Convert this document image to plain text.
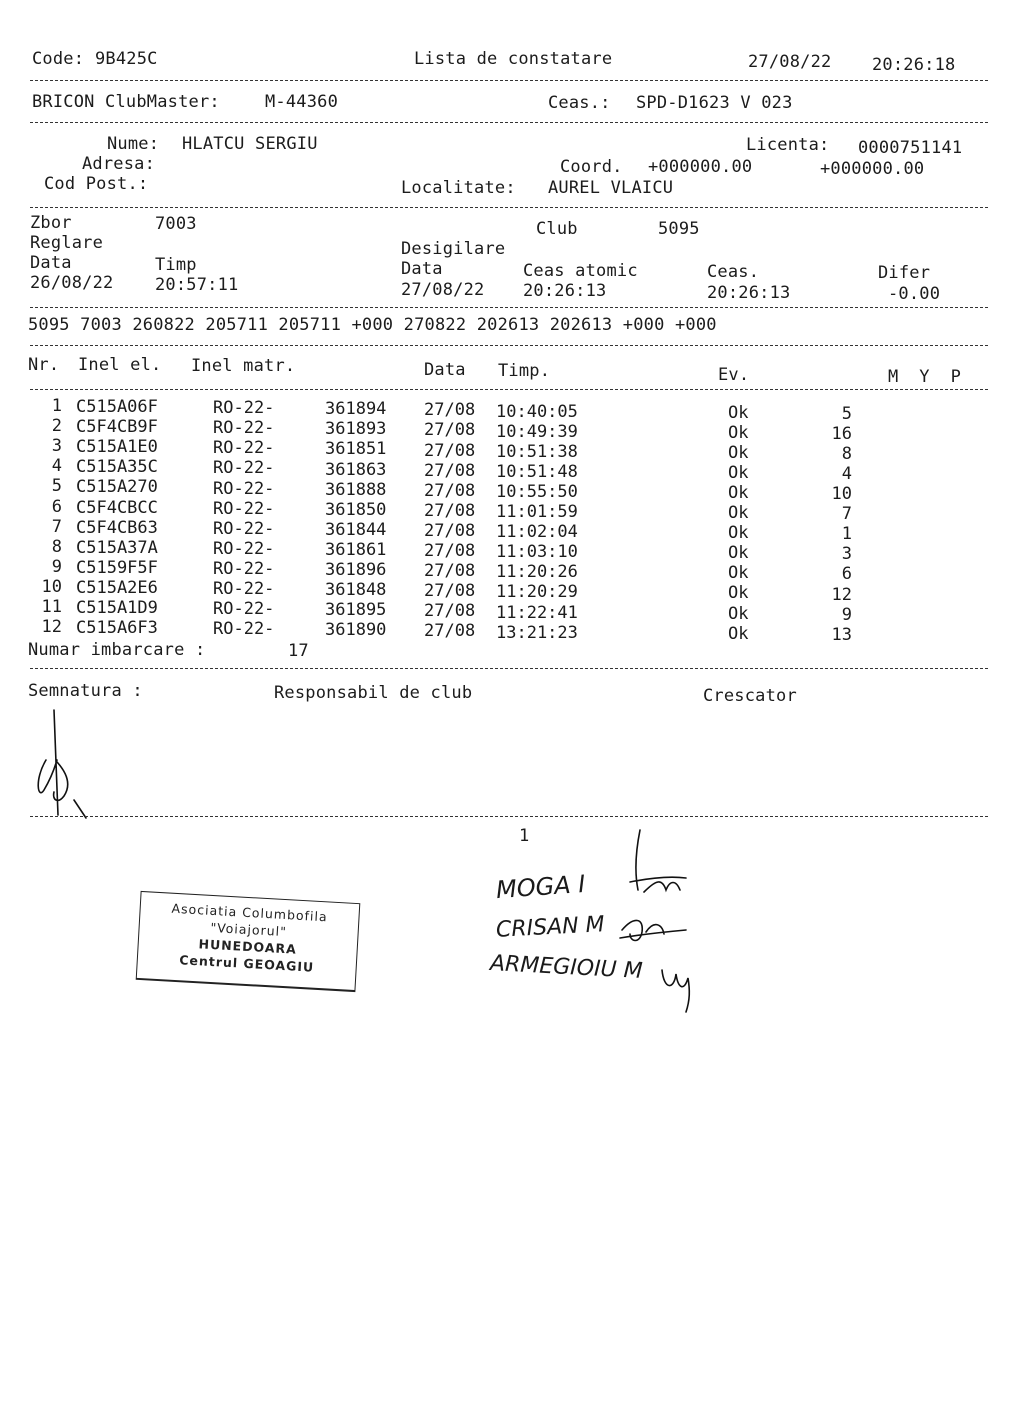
Code: 9B425C	Lista de constatare	27/08/22 20:26:18
BRICON ClubMaster:	M-44360	Ceas.: SPD-D1623 V 023
Nume: HLATCU SERGIU	Licenta: 0000751141
Adresa:	Coord. +000000.00	+000000.00
Cod Post.:	Localitate: AUREL VLAICU
Zbor	7003	Club	5095
Reglare	Desigilare
Data	Timp	Data	Ceas atomic	Ceas.	Difer
26/08/22 20:57:11	27/08/22 20:26:13	20:26:13	-0.00
5095 7003 260822 205711 205711 +000 270822 202613 202613 +000 +000
Nr. Inel el. Inel matr.	Data Timp.	Ev.	M  Y  P
1 C515A06F	RO-22-	361894 27/08 10:40:05	Ok	5
2 C5F4CB9F	RO-22-	361893 27/08 10:49:39	Ok	16
3 C515A1E0	RO-22-	361851 27/08 10:51:38	Ok	8
4 C515A35C	RO-22-	361863 27/08 10:51:48	Ok	4
5 C515A270	RO-22-	361888 27/08 10:55:50	Ok	10
6 C5F4CBCC	RO-22-	361850 27/08 11:01:59	Ok	7
7 C5F4CB63	RO-22-	361844 27/08 11:02:04	Ok	1
8 C515A37A	RO-22-	361861 27/08 11:03:10	Ok	3
9 C5159F5F	RO-22-	361896 27/08 11:20:26	Ok	6
10 C515A2E6	RO-22-	361848 27/08 11:20:29	Ok	12
11 C515A1D9	RO-22-	361895 27/08 11:22:41	Ok	9
12 C515A6F3	RO-22-	361890 27/08 13:21:23	Ok	13
Numar imbarcare :	17
Semnatura :	Responsabil de club	Crescator
1
Asociatia Columbofila
"Voiajorul"
HUNEDOARA
Centrul GEOAGIU
MOGA I
CRISAN M
ARMEGIOIU M
